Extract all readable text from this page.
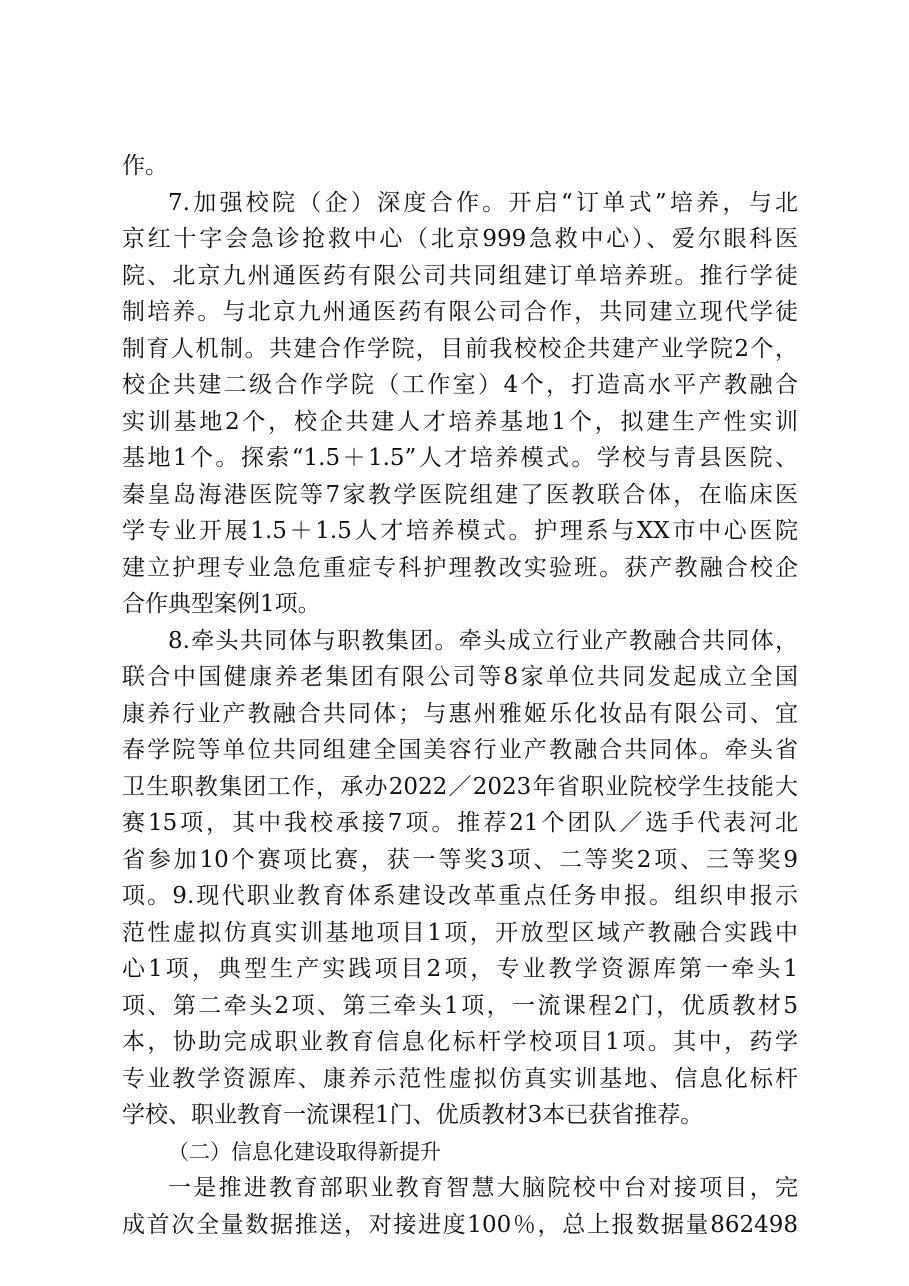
作。
7.加强校院（企）深度合作。开启“订单式”培养，与北
京红十字会急诊抢救中心（北京999急救中心）、爱尔眼科医
院、北京九州通医药有限公司共同组建订单培养班。推行学徒
制培养。与北京九州通医药有限公司合作，共同建立现代学徒
制育人机制。共建合作学院，目前我校校企共建产业学院2个，
校企共建二级合作学院（工作室）4个，打造高水平产教融合
实训基地2个，校企共建人才培养基地1个，拟建生产性实训
基地1个。探索“1.5＋1.5”人才培养模式。学校与青县医院、
秦皇岛海港医院等7家教学医院组建了医教联合体，在临床医
学专业开展1.5＋1.5人才培养模式。护理系与XX市中心医院
建立护理专业急危重症专科护理教改实验班。获产教融合校企
合作典型案例1项。
8.牵头共同体与职教集团。牵头成立行业产教融合共同体，
联合中国健康养老集团有限公司等8家单位共同发起成立全国
康养行业产教融合共同体；与惠州雅姬乐化妆品有限公司、宜
春学院等单位共同组建全国美容行业产教融合共同体。牵头省
卫生职教集团工作，承办2022／2023年省职业院校学生技能大
赛15项，其中我校承接7项。推荐21个团队／选手代表河北
省参加10个赛项比赛，获一等奖3项、二等奖2项、三等奖9
项。9.现代职业教育体系建设改革重点任务申报。组织申报示
范性虚拟仿真实训基地项目1项，开放型区域产教融合实践中
心1项，典型生产实践项目2项，专业教学资源库第一牵头1
项、第二牵头2项、第三牵头1项，一流课程2门，优质教材5
本，协助完成职业教育信息化标杆学校项目1项。其中，药学
专业教学资源库、康养示范性虚拟仿真实训基地、信息化标杆
学校、职业教育一流课程1门、优质教材3本已获省推荐。
（二）信息化建设取得新提升
一是推进教育部职业教育智慧大脑院校中台对接项目，完
成首次全量数据推送，对接进度100％，总上报数据量862498
